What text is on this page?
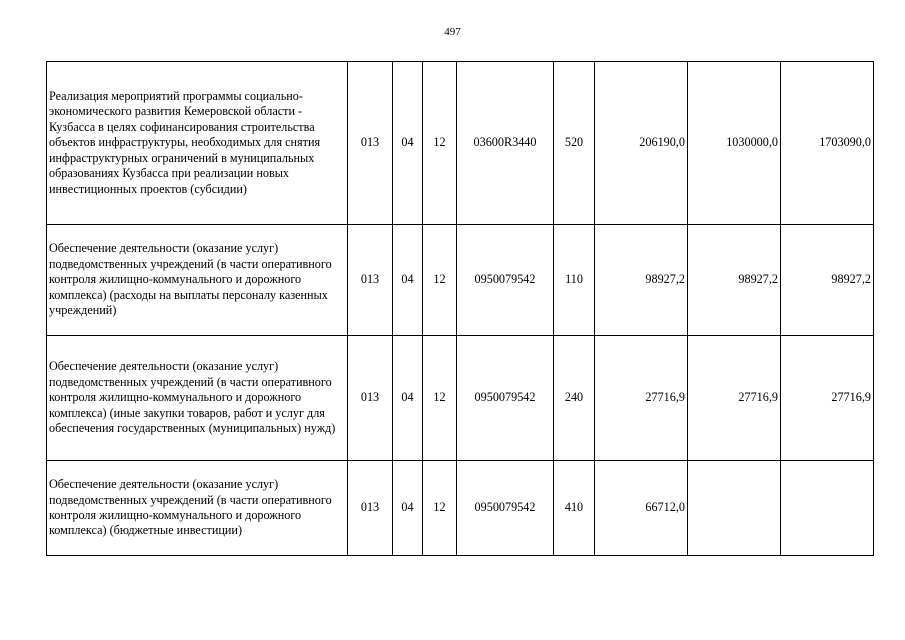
497
Реализация мероприятий программы социально-экономического развития Кемеровской области - Кузбасса в целях софинансирования строительства объектов инфраструктуры, необходимых для снятия инфраструктурных ограничений в муниципальных образованиях Кузбасса при реализации новых инвестиционных проектов (субсидии)	013	04	12	03600R3440	520	206190,0	1030000,0	1703090,0
Обеспечение деятельности (оказание услуг) подведомственных учреждений (в части оперативного контроля жилищно-коммунального и дорожного комплекса) (расходы на выплаты персоналу казенных учреждений)	013	04	12	0950079542	110	98927,2	98927,2	98927,2
Обеспечение деятельности (оказание услуг) подведомственных учреждений (в части оперативного контроля жилищно-коммунального и дорожного комплекса) (иные закупки товаров, работ и услуг для обеспечения государственных (муниципальных) нужд)	013	04	12	0950079542	240	27716,9	27716,9	27716,9
Обеспечение деятельности (оказание услуг) подведомственных учреждений (в части оперативного контроля жилищно-коммунального и дорожного комплекса) (бюджетные инвестиции)	013	04	12	0950079542	410	66712,0		
